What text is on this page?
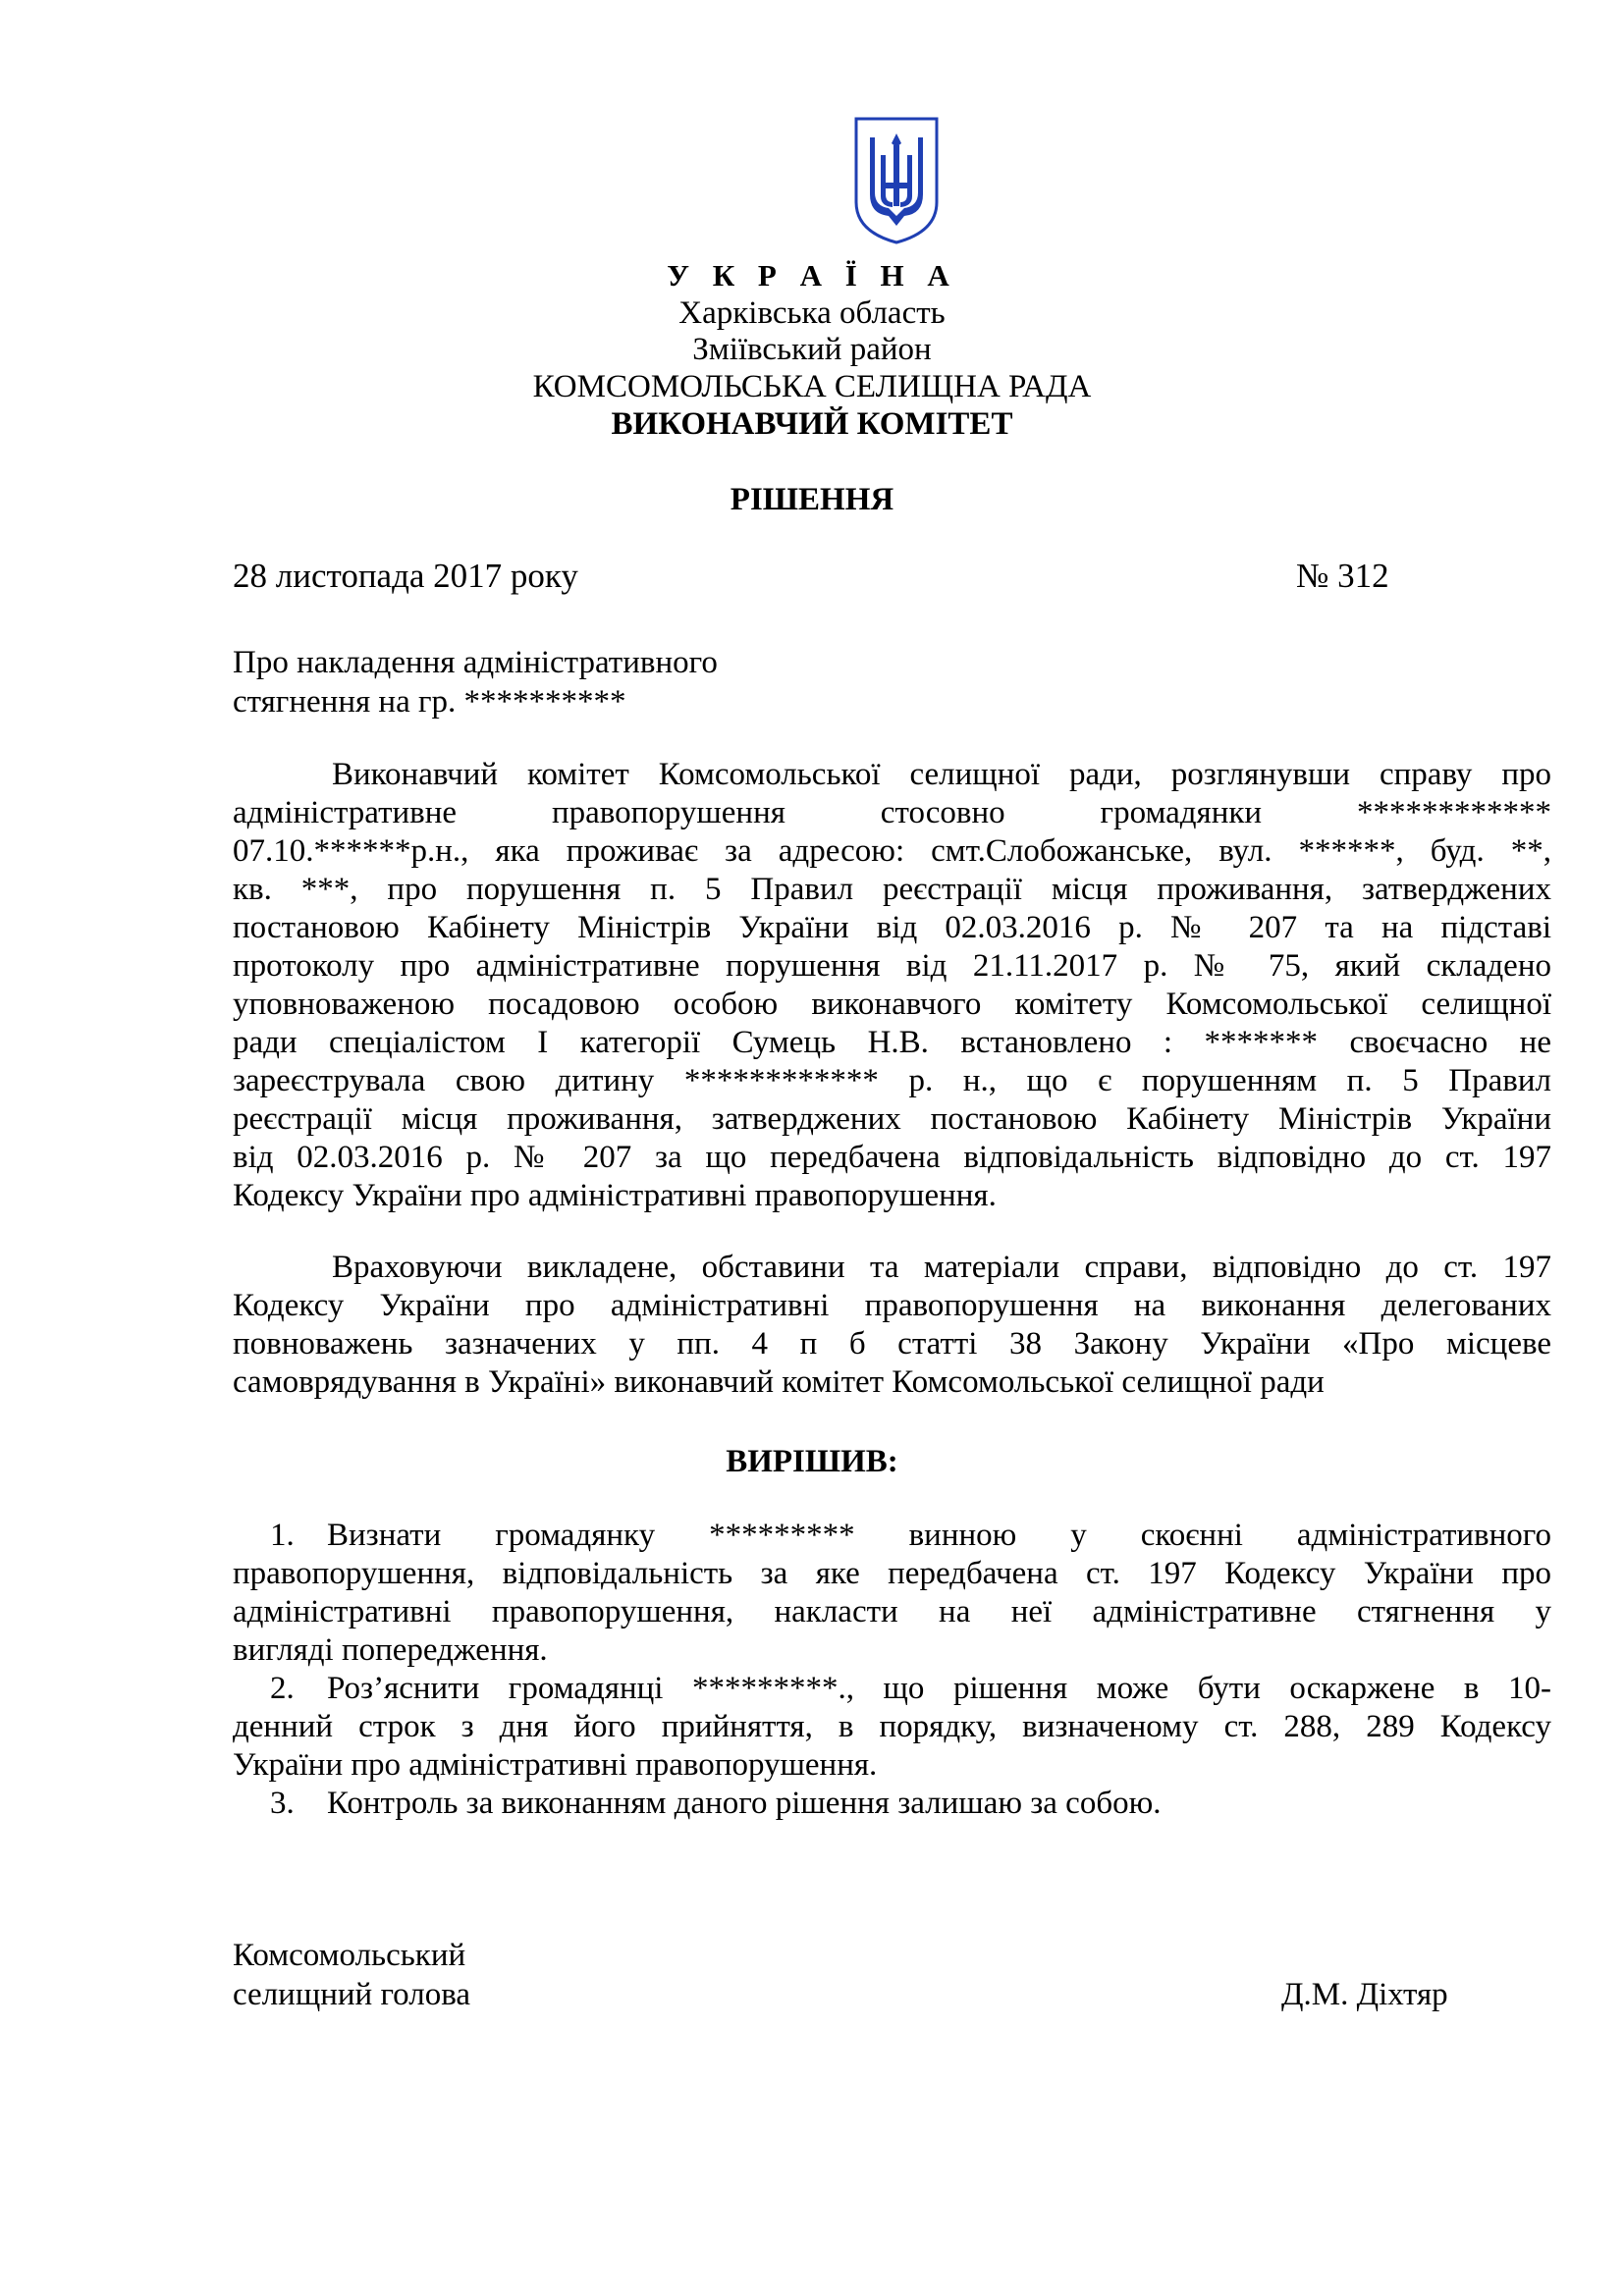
У К Р А Ї Н А
Харківська область
Зміївський район
КОМСОМОЛЬСЬКА СЕЛИЩНА РАДА
ВИКОНАВЧИЙ КОМІТЕТ
РІШЕННЯ
28 листопада 2017 року	№ 312
Про накладення адміністративного
стягнення на гр. **********
Виконавчий комітет Комсомольської селищної ради, розглянувши справу про
адміністративне правопорушення стосовно громадянки ************
07.10.******р.н., яка проживає за адресою: смт.Слобожанське, вул. ******, буд. **,
кв. ***, про порушення п. 5 Правил реєстрації місця проживання, затверджених
постановою Кабінету Міністрів України від 02.03.2016 р. № 207 та на підставі
протоколу про адміністративне порушення від 21.11.2017 р. № 75, який складено
уповноваженою посадовою особою виконавчого комітету Комсомольської селищної
ради спеціалістом І категорії Сумець Н.В. встановлено : ******* своєчасно не
зареєструвала свою дитину ************ р. н., що є порушенням п. 5 Правил
реєстрації місця проживання, затверджених постановою Кабінету Міністрів України
від 02.03.2016 р. № 207 за що передбачена відповідальність відповідно до ст. 197
Кодексу України про адміністративні правопорушення.
Враховуючи викладене, обставини та матеріали справи, відповідно до ст. 197
Кодексу України про адміністративні правопорушення на виконання делегованих
повноважень зазначених у пп. 4 п б статті 38 Закону України «Про місцеве
самоврядування в Україні» виконавчий комітет Комсомольської селищної ради
ВИРІШИВ:
1. Визнати громадянку ********* винною у скоєнні адміністративного
правопорушення, відповідальність за яке передбачена ст. 197 Кодексу України про
адміністративні правопорушення, накласти на неї адміністративне стягнення у
вигляді попередження.
2. Роз’яснити громадянці *********., що рішення може бути оскаржене в 10-
денний строк з дня його прийняття, в порядку, визначеному ст. 288, 289 Кодексу
України про адміністративні правопорушення.
3. Контроль за виконанням даного рішення залишаю за собою.
Комсомольський
селищний голова	Д.М. Діхтяр
